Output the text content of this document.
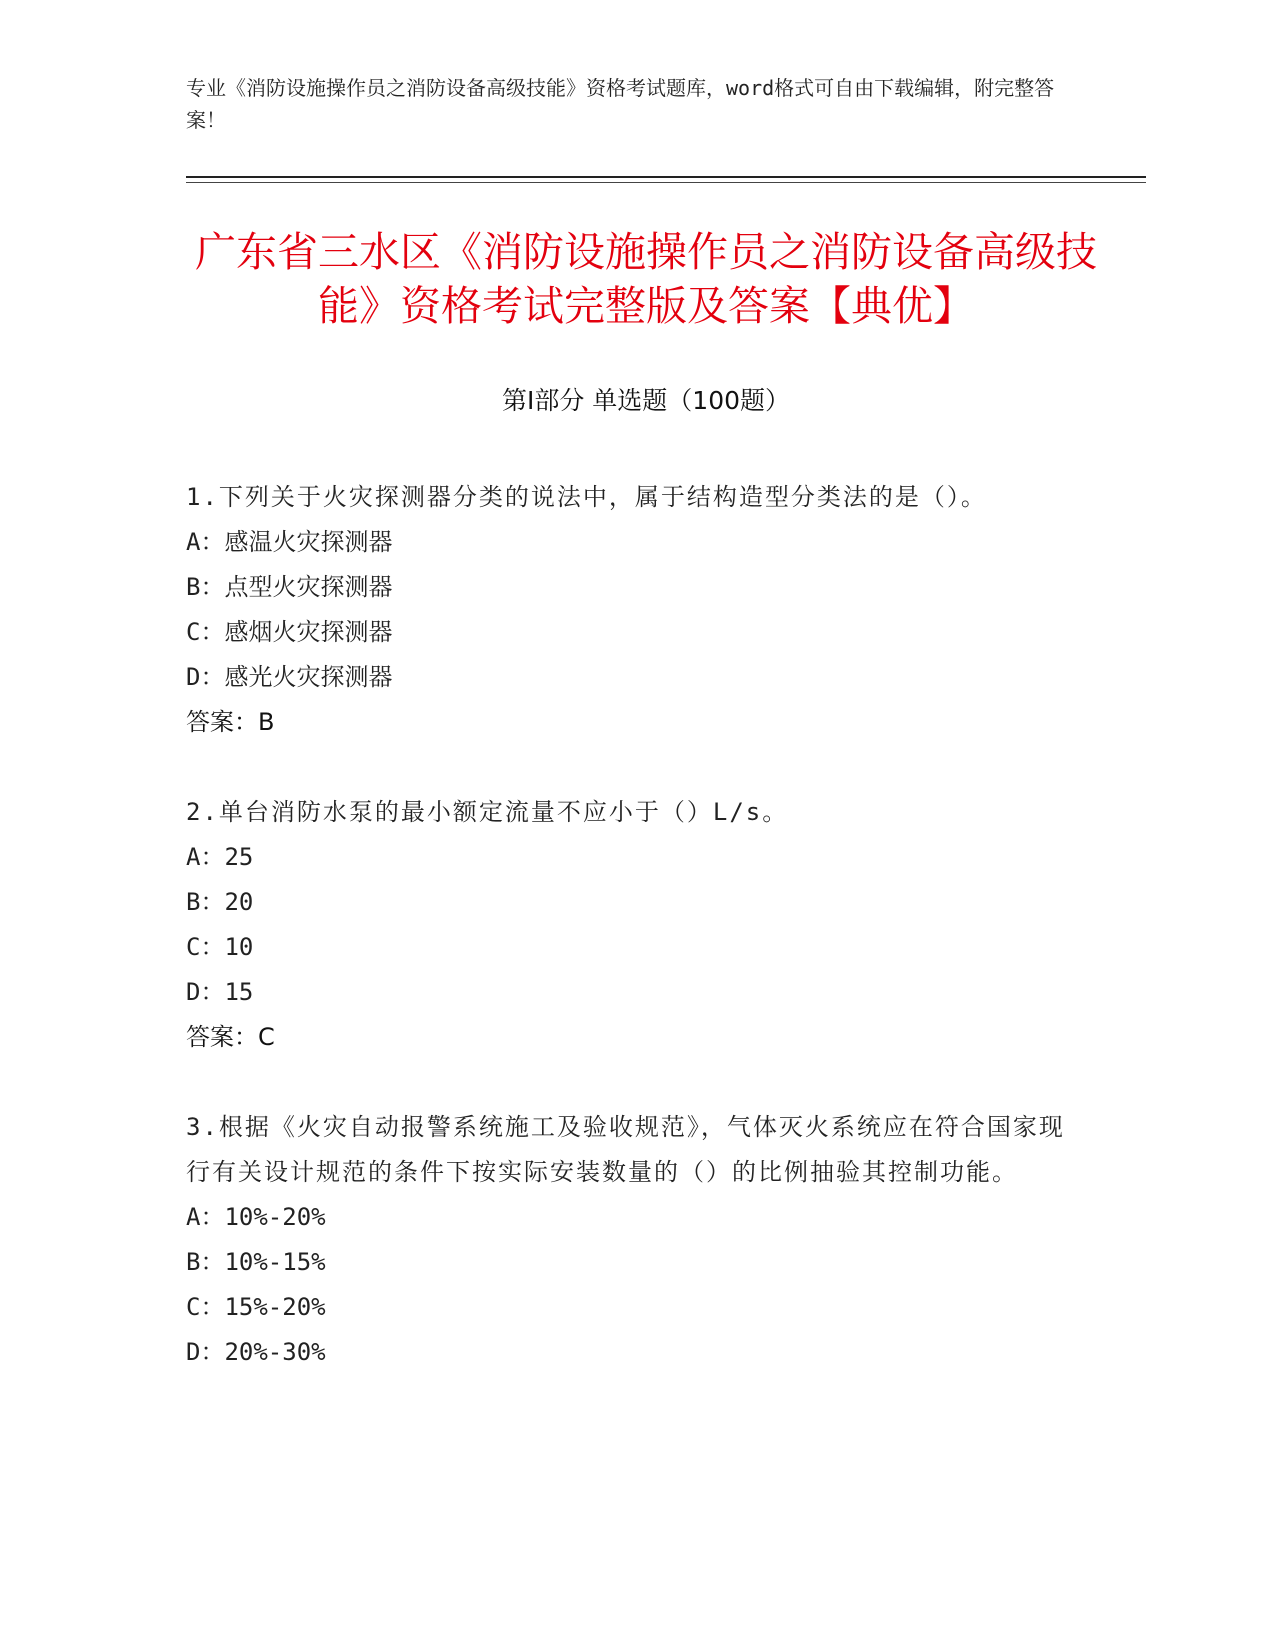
专业《消防设施操作员之消防设备高级技能》资格考试题库，word格式可自由下载编辑，附完整答案！
广东省三水区《消防设施操作员之消防设备高级技能》资格考试完整版及答案【典优】
第Ⅰ部分 单选题（100题）
1.下列关于火灾探测器分类的说法中，属于结构造型分类法的是（）。
A：感温火灾探测器
B：点型火灾探测器
C：感烟火灾探测器
D：感光火灾探测器
答案：B
2.单台消防水泵的最小额定流量不应小于（）L/s。
A：25
B：20
C：10
D：15
答案：C
3.根据《火灾自动报警系统施工及验收规范》，气体灭火系统应在符合国家现行有关设计规范的条件下按实际安装数量的（）的比例抽验其控制功能。
A：10%-20%
B：10%-15%
C：15%-20%
D：20%-30%
